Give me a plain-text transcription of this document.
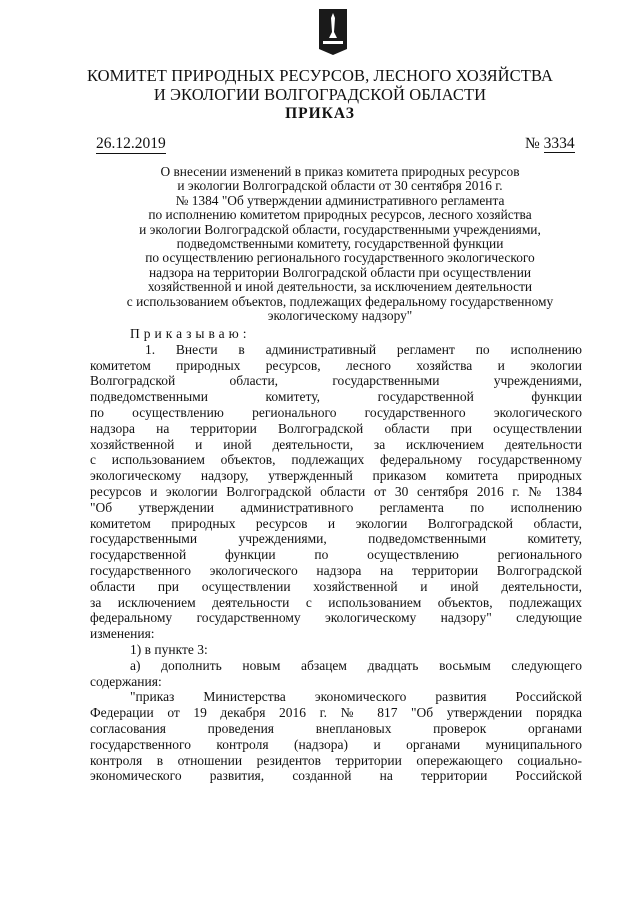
КОМИТЕТ ПРИРОДНЫХ РЕСУРСОВ, ЛЕСНОГО ХОЗЯЙСТВА
И ЭКОЛОГИИ ВОЛГОГРАДСКОЙ ОБЛАСТИ
ПРИКАЗ
26.12.2019	№ 3334
О внесении изменений в приказ комитета природных ресурсов
и экологии Волгоградской области от 30 сентября 2016 г.
№ 1384 "Об утверждении административного регламента
по исполнению комитетом природных ресурсов, лесного хозяйства
и экологии Волгоградской области, государственными учреждениями,
подведомственными комитету, государственной функции
по осуществлению регионального государственного экологического
надзора на территории Волгоградской области при осуществлении
хозяйственной и иной деятельности, за исключением деятельности
с использованием объектов, подлежащих федеральному государственному
экологическому надзору"
Приказываю:
1. Внести в административный регламент по исполнению
комитетом природных ресурсов, лесного хозяйства и экологии
Волгоградской области, государственными учреждениями,
подведомственными комитету, государственной функции
по осуществлению регионального государственного экологического
надзора на территории Волгоградской области при осуществлении
хозяйственной и иной деятельности, за исключением деятельности
с использованием объектов, подлежащих федеральному государственному
экологическому надзору, утвержденный приказом комитета природных
ресурсов и экологии Волгоградской области от 30 сентября 2016 г. № 1384
"Об утверждении административного регламента по исполнению
комитетом природных ресурсов и экологии Волгоградской области,
государственными учреждениями, подведомственными комитету,
государственной функции по осуществлению регионального
государственного экологического надзора на территории Волгоградской
области при осуществлении хозяйственной и иной деятельности,
за исключением деятельности с использованием объектов, подлежащих
федеральному государственному экологическому надзору" следующие
изменения:
1) в пункте 3:
а) дополнить новым абзацем двадцать восьмым следующего
содержания:
"приказ Министерства экономического развития Российской
Федерации от 19 декабря 2016 г. № 817 "Об утверждении порядка
согласования проведения внеплановых проверок органами
государственного контроля (надзора) и органами муниципального
контроля в отношении резидентов территории опережающего социально-
экономического развития, созданной на территории Российской
